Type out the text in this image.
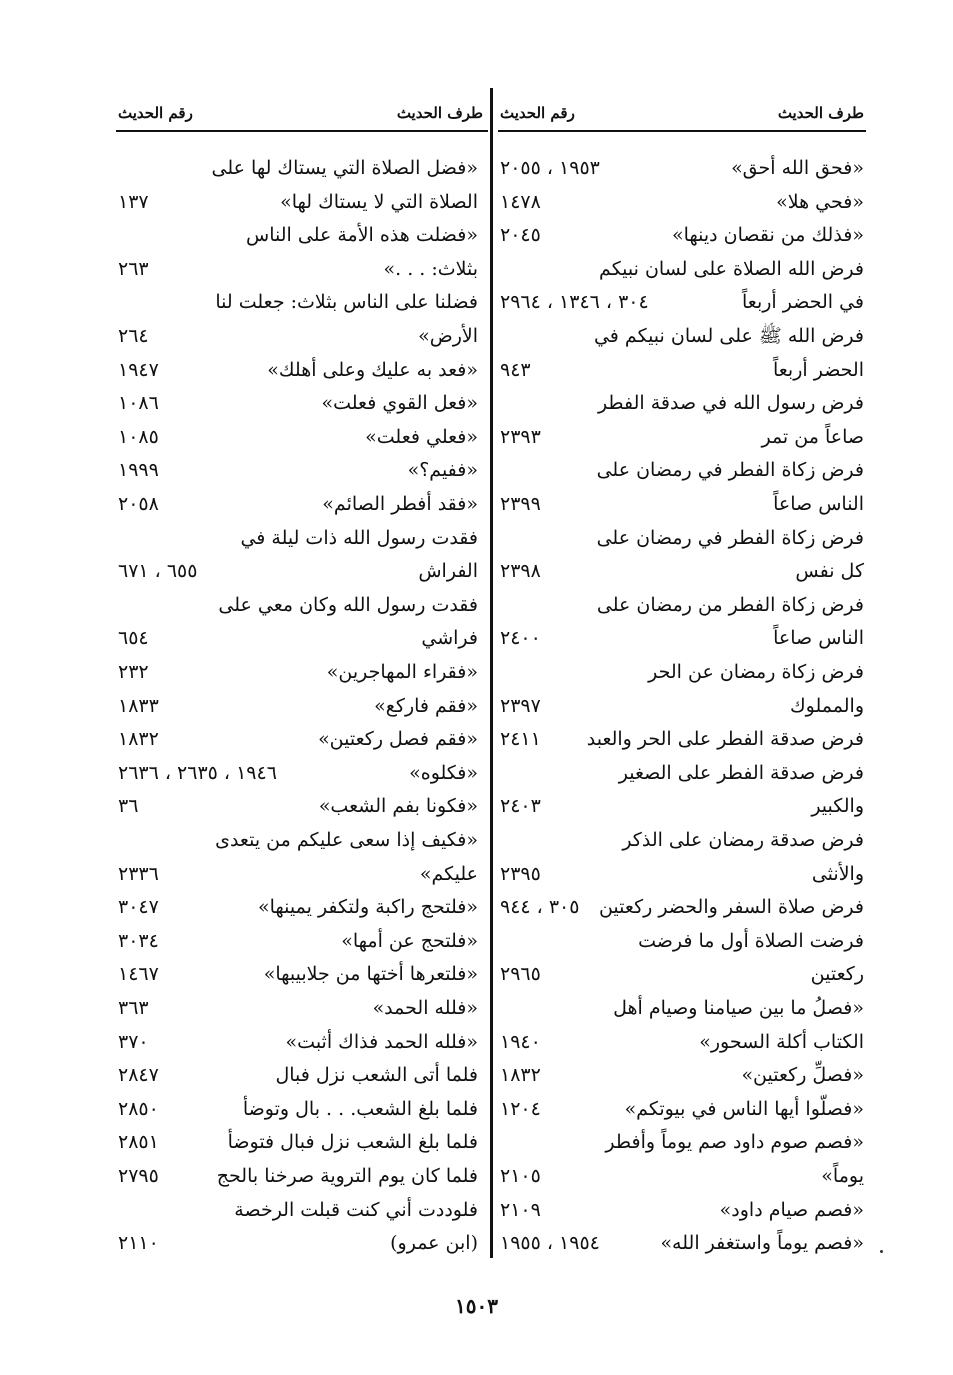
طرف الحديث
رقم الحديث
طرف الحديث
رقم الحديث
«فحق الله أحق»
١٩٥٣ ، ٢٠٥٥
«فحي هلا»
١٤٧٨
«فذلك من نقصان دينها»
٢٠٤٥
فرض الله الصلاة على لسان نبيكم
في الحضر أربعاً
٣٠٤ ، ١٣٤٦ ، ٢٩٦٤
فرض الله ﷺ على لسان نبيكم في
الحضر أربعاً
٩٤٣
فرض رسول الله في صدقة الفطر
صاعاً من تمر
٢٣٩٣
فرض زكاة الفطر في رمضان على
الناس صاعاً
٢٣٩٩
فرض زكاة الفطر في رمضان على
كل نفس
٢٣٩٨
فرض زكاة الفطر من رمضان على
الناس صاعاً
٢٤٠٠
فرض زكاة رمضان عن الحر
والمملوك
٢٣٩٧
فرض صدقة الفطر على الحر والعبد
٢٤١١
فرض صدقة الفطر على الصغير
والكبير
٢٤٠٣
فرض صدقة رمضان على الذكر
والأنثى
٢٣٩٥
فرض صلاة السفر والحضر ركعتين
٣٠٥ ، ٩٤٤
فرضت الصلاة أول ما فرضت
ركعتين
٢٩٦٥
«فصلُ ما بين صيامنا وصيام أهل
الكتاب أكلة السحور»
١٩٤٠
«فصلِّ ركعتين»
١٨٣٢
«فصلّوا أيها الناس في بيوتكم»
١٢٠٤
«فصم صوم داود صم يوماً وأفطر
يوماً»
٢١٠٥
«فصم صيام داود»
٢١٠٩
«فصم يوماً واستغفر الله»
١٩٥٤ ، ١٩٥٥
«فضل الصلاة التي يستاك لها على
الصلاة التي لا يستاك لها»
١٣٧
«فضلت هذه الأمة على الناس
بثلاث: . . .»
٢٦٣
فضلنا على الناس بثلاث: جعلت لنا
الأرض»
٢٦٤
«فعد به عليك وعلى أهلك»
١٩٤٧
«فعل القوي فعلت»
١٠٨٦
«فعلي فعلت»
١٠٨٥
«ففيم؟»
١٩٩٩
«فقد أفطر الصائم»
٢٠٥٨
فقدت رسول الله ذات ليلة في
الفراش
٦٥٥ ، ٦٧١
فقدت رسول الله وكان معي على
فراشي
٦٥٤
«فقراء المهاجرين»
٢٣٢
«فقم فاركع»
١٨٣٣
«فقم فصل ركعتين»
١٨٣٢
«فكلوه»
١٩٤٦ ، ٢٦٣٥ ، ٢٦٣٦
«فكونا بفم الشعب»
٣٦
«فكيف إذا سعى عليكم من يتعدى
عليكم»
٢٣٣٦
«فلتحج راكبة ولتكفر يمينها»
٣٠٤٧
«فلتحج عن أمها»
٣٠٣٤
«فلتعرها أختها من جلابيبها»
١٤٦٧
«فلله الحمد»
٣٦٣
«فلله الحمد فذاك أثبت»
٣٧٠
فلما أتى الشعب نزل فبال
٢٨٤٧
فلما بلغ الشعب. . . بال وتوضأ
٢٨٥٠
فلما بلغ الشعب نزل فبال فتوضأ
٢٨٥١
فلما كان يوم التروية صرخنا بالحج
٢٧٩٥
فلوددت أني كنت قبلت الرخصة
(ابن عمرو)
٢١١٠
١٥٠٣
